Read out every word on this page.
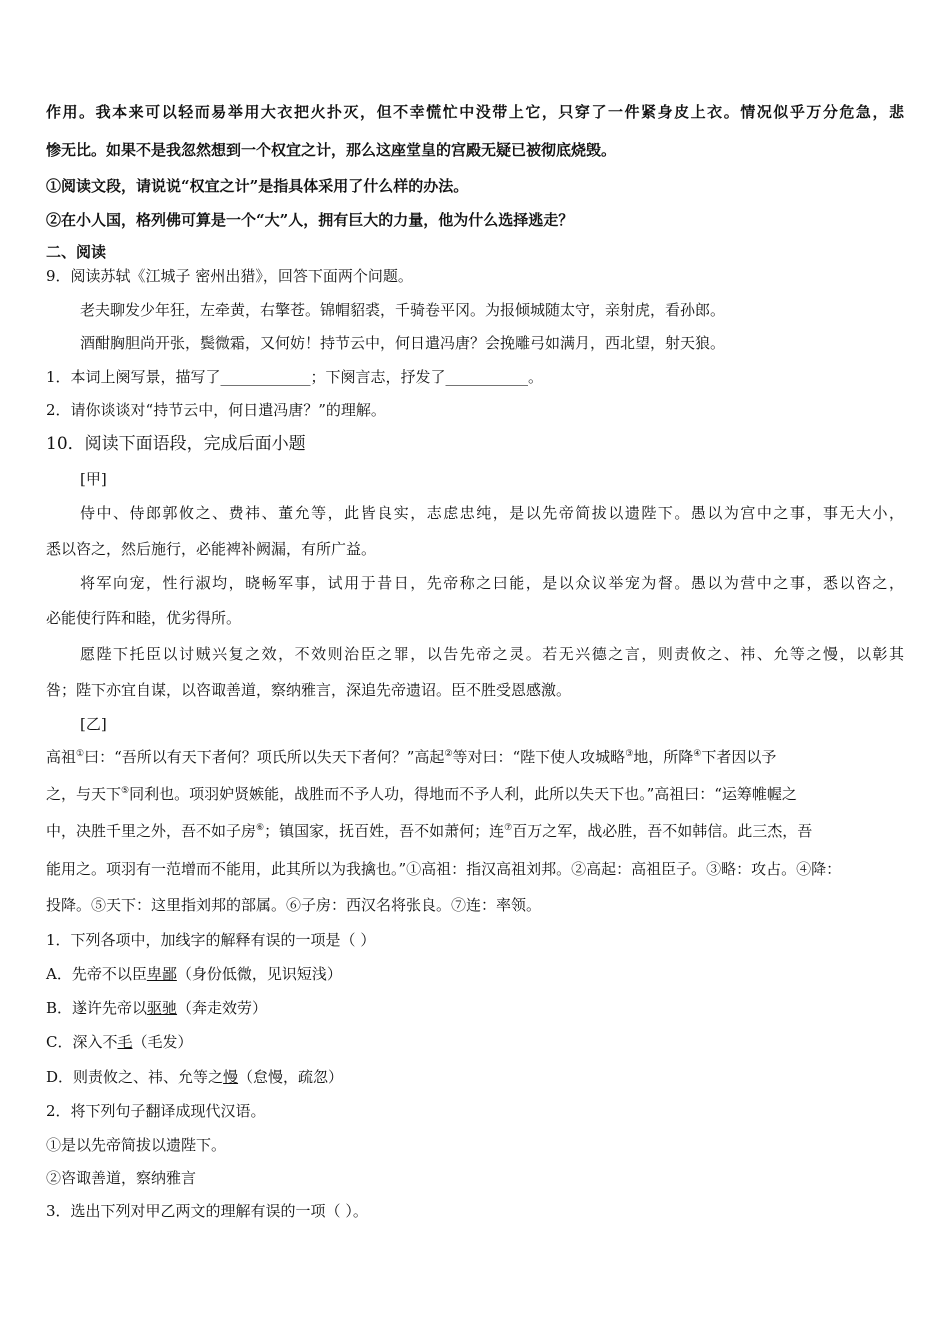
作用。我本来可以轻而易举用大衣把火扑灭，但不幸慌忙中没带上它，只穿了一件紧身皮上衣。情况似乎万分危急，悲
惨无比。如果不是我忽然想到一个权宜之计，那么这座堂皇的宫殿无疑已被彻底烧毁。
①阅读文段，请说说“权宜之计”是指具体采用了什么样的办法。
②在小人国，格列佛可算是一个“大”人，拥有巨大的力量，他为什么选择逃走？
二、阅读
9．阅读苏轼《江城子 密州出猎》，回答下面两个问题。
老夫聊发少年狂，左牵黄，右擎苍。锦帽貂裘，千骑卷平冈。为报倾城随太守，亲射虎，看孙郎。
酒酣胸胆尚开张，鬓微霜，又何妨！持节云中，何日遣冯唐？会挽雕弓如满月，西北望，射天狼。
1．本词上阕写景，描写了____________；下阕言志，抒发了___________。
2．请你谈谈对“持节云中，何日遣冯唐？”的理解。
10．阅读下面语段，完成后面小题
[甲]
侍中、侍郎郭攸之、费祎、董允等，此皆良实，志虑忠纯，是以先帝简拔以遗陛下。愚以为宫中之事，事无大小，
悉以咨之，然后施行，必能裨补阙漏，有所广益。
将军向宠，性行淑均，晓畅军事，试用于昔日，先帝称之曰能，是以众议举宠为督。愚以为营中之事，悉以咨之，
必能使行阵和睦，优劣得所。
愿陛下托臣以讨贼兴复之效，不效则治臣之罪，以告先帝之灵。若无兴德之言，则责攸之、祎、允等之慢，以彰其
咎；陛下亦宜自谋，以咨诹善道，察纳雅言，深追先帝遗诏。臣不胜受恩感激。
[乙]
高祖①曰：“吾所以有天下者何？项氏所以失天下者何？”高起②等对曰：“陛下使人攻城略③地，所降④下者因以予
之，与天下⑤同利也。项羽妒贤嫉能，战胜而不予人功，得地而不予人利，此所以失天下也。”高祖曰：“运筹帷幄之
中，决胜千里之外，吾不如子房⑥；镇国家，抚百姓，吾不如萧何；连⑦百万之军，战必胜，吾不如韩信。此三杰，吾
能用之。项羽有一范增而不能用，此其所以为我擒也。”①高祖：指汉高祖刘邦。②高起：高祖臣子。③略：攻占。④降：
投降。⑤天下：这里指刘邦的部属。⑥子房：西汉名将张良。⑦连：率领。
1．下列各项中，加线字的解释有误的一项是（ ）
A．先帝不以臣卑鄙（身份低微，见识短浅）
B．遂许先帝以驱驰（奔走效劳）
C．深入不毛（毛发）
D．则责攸之、祎、允等之慢（怠慢，疏忽）
2．将下列句子翻译成现代汉语。
①是以先帝简拔以遗陛下。
②咨诹善道，察纳雅言
3．选出下列对甲乙两文的理解有误的一项（ ）。
